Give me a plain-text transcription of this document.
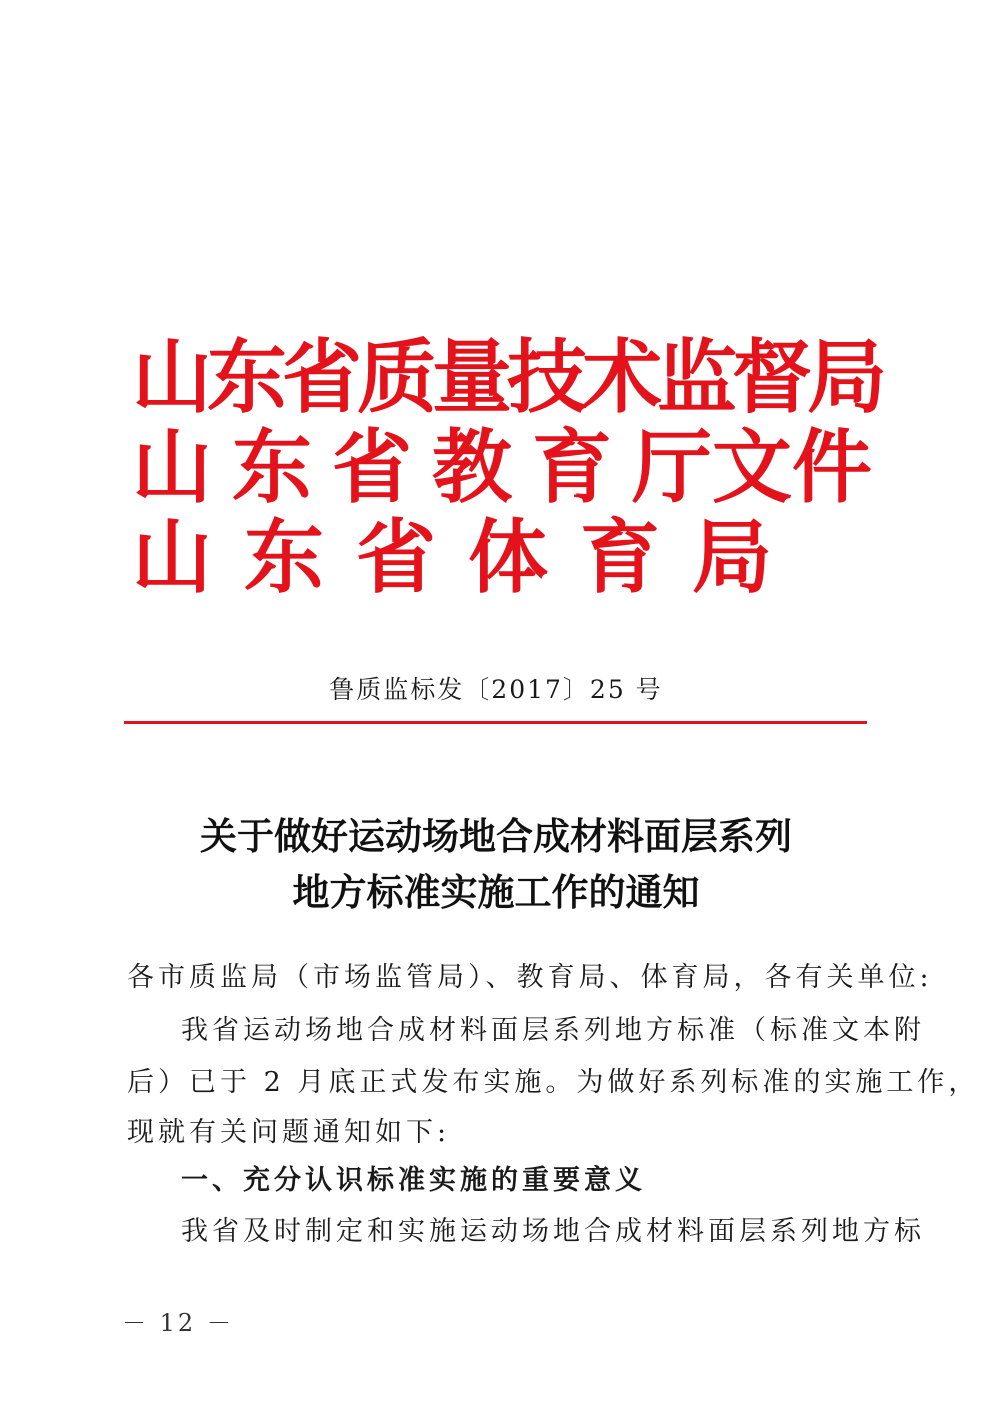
山
东
省
质
量
技
术
监
督
局
山 东 省 教 育 厅 文 件
山 东 省 体 育 局
鲁质监标发〔2017〕25 号
关于做好运动场地合成材料面层系列
地方标准实施工作的通知
各市质监局（市场监管局）、教育局、体育局，各有关单位:
我省运动场地合成材料面层系列地方标准（标准文本附
后）已于 2 月底正式发布实施。为做好系列标准的实施工作，
现就有关问题通知如下:
一、充分认识标准实施的重要意义
我省及时制定和实施运动场地合成材料面层系列地方标
－ 12 －
